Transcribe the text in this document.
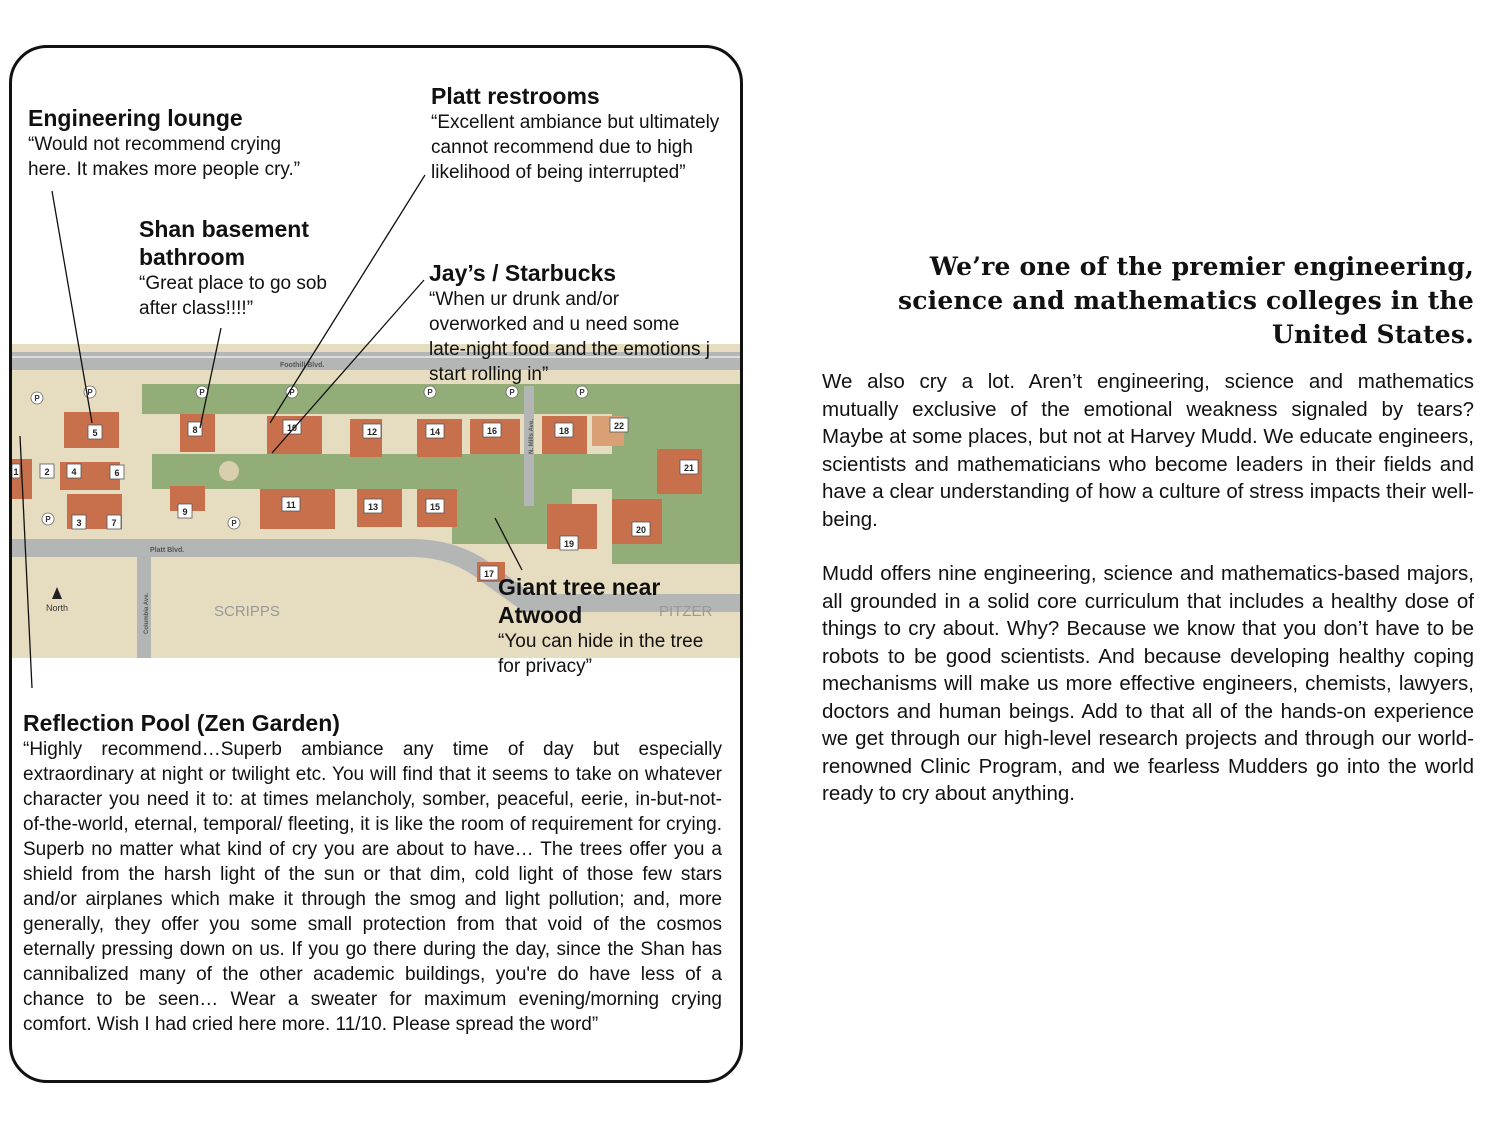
1	2
3
4
5
6
7
8
9
10
11
12
13
14
15
16
17
18
19
20
21
22
P
P	P	P	P	P	P
P	P
Foothill Blvd.
Platt Blvd.
N. Mills Ave.
Columbia Ave.	SCRIPPS	PITZER
North
Engineering lounge

“Would not recommend crying here. It makes more people cry.”

Platt restrooms

“Excellent ambiance but ultimately cannot recommend due to high likelihood of being interrupted”

Shan basement bathroom

“Great place to go sob after class!!!!”

Jay’s / Starbucks

“When ur drunk and/or overworked and u need some late-night food and the emotions j start rolling in”

Giant tree near Atwood

“You can hide in the tree for privacy”

Reflection Pool (Zen Garden)

“Highly recommend…Superb ambiance any time of day but especially extraordinary at night or twilight etc. You will find that it seems to take on whatever character you need it to: at times melancholy, somber, peaceful, eerie, in-but-not-of-the-world, eternal, temporal/ fleeting, it is like the room of requirement for crying. Superb no matter what kind of cry you are about to have… The trees offer you a shield from the harsh light of the sun or that dim, cold light of those few stars and/or airplanes which make it through the smog and light pollution; and, more generally, they offer you some small protection from that void of the cosmos eternally pressing down on us. If you go there during the day, since the Shan has cannibalized many of the other academic buildings, you're do have less of a chance to be seen… Wear a sweater for maximum evening/morning crying comfort. Wish I had cried here more. 11/10. Please spread the word”

We’re one of the premier engineering, science and mathematics colleges in the United States.

We also cry a lot. Aren’t engineering, science and mathematics mutually exclusive of the emotional weakness signaled by tears? Maybe at some places, but not at Harvey Mudd. We educate engineers, scientists and mathematicians who become leaders in their fields and have a clear understanding of how a culture of stress impacts their well-being.

Mudd offers nine engineering, science and mathematics-based majors, all grounded in a solid core curriculum that includes a healthy dose of things to cry about. Why? Because we know that you don’t have to be robots to be good scientists. And because developing healthy coping mechanisms will make us more effective engineers, chemists, lawyers, doctors and human beings. Add to that all of the hands-on experience we get through our high-level research projects and through our world-renowned Clinic Program, and we fearless Mudders go into the world ready to cry about anything.
